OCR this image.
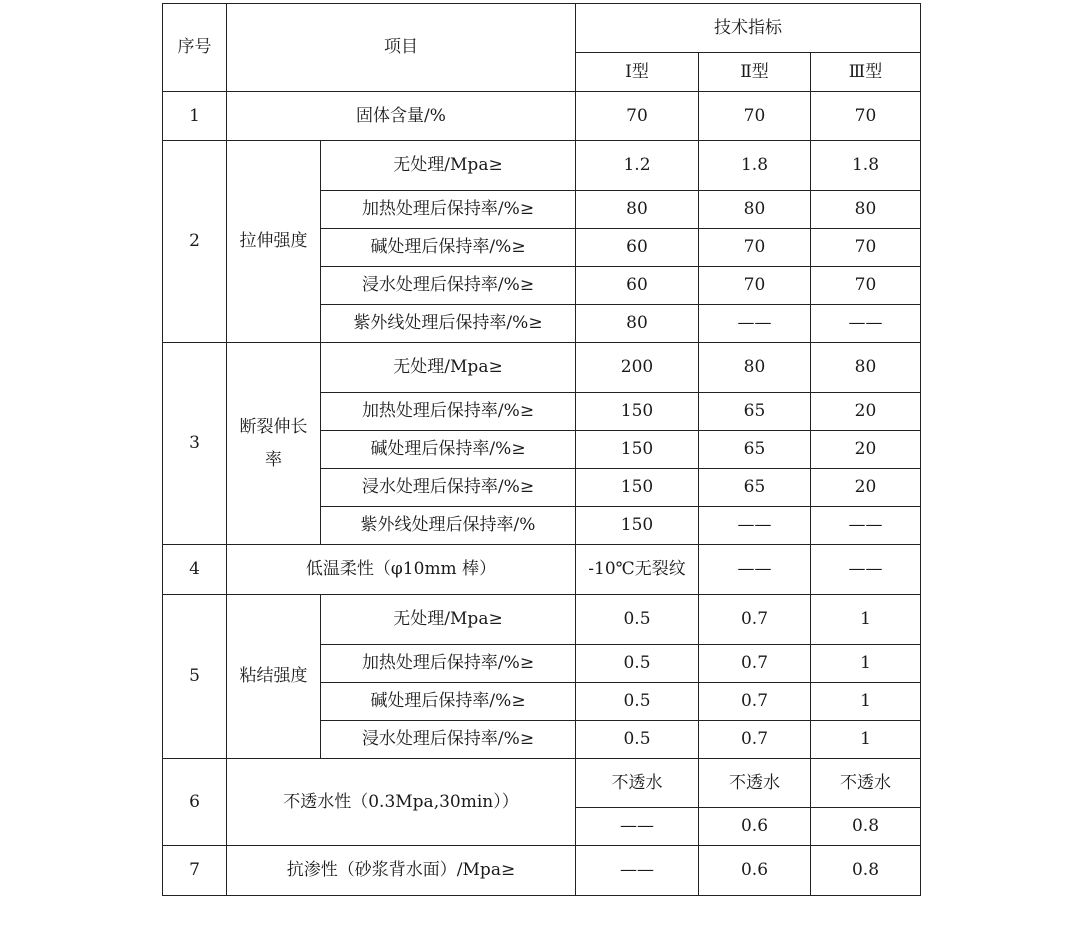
序号	项目		技术指标		
			Ⅰ型	Ⅱ型	Ⅲ型
1	固体含量/%		70	70	70
2	拉伸强度	无处理/Mpa≥	1.2	1.8	1.8
		加热处理后保持率/%≥	80	80	80
		碱处理后保持率/%≥	60	70	70
		浸水处理后保持率/%≥	60	70	70
		紫外线处理后保持率/%≥	80	——	——
3	断裂伸长率	无处理/Mpa≥	200	80	80
		加热处理后保持率/%≥	150	65	20
		碱处理后保持率/%≥	150	65	20
		浸水处理后保持率/%≥	150	65	20
		紫外线处理后保持率/%	150	——	——
4	低温柔性（φ10mm 棒）		-10℃无裂纹	——	——
5	粘结强度	无处理/Mpa≥	0.5	0.7	1
		加热处理后保持率/%≥	0.5	0.7	1
		碱处理后保持率/%≥	0.5	0.7	1
		浸水处理后保持率/%≥	0.5	0.7	1
6	不透水性（0.3Mpa,30min））		不透水	不透水	不透水
			——	0.6	0.8
7	抗渗性（砂浆背水面）/Mpa≥		——	0.6	0.8
